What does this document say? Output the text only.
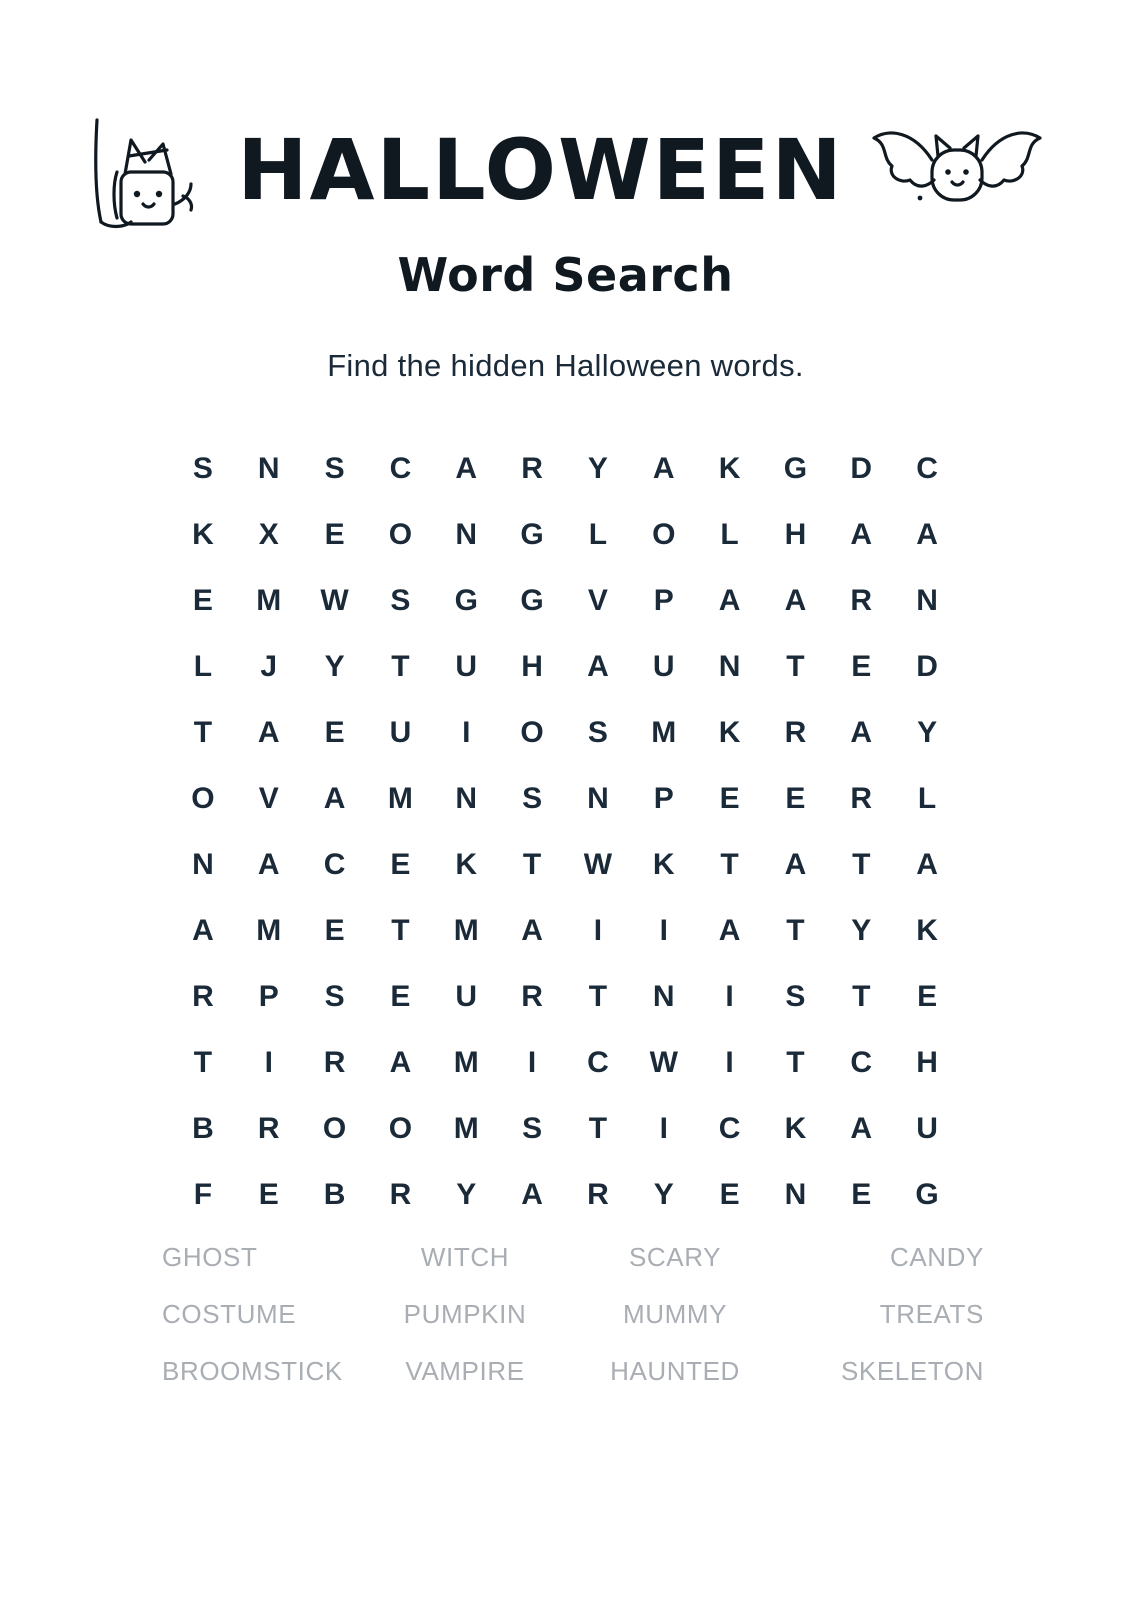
HALLOWEEN
Word Search
Find the hidden Halloween words.
S	N	S	C	A	R	Y	A	K	G	D	C
K	X	E	O	N	G	L	O	L	H	A	A
E	M	W	S	G	G	V	P	A	A	R	N
L	J	Y	T	U	H	A	U	N	T	E	D
T	A	E	U	I	O	S	M	K	R	A	Y
O	V	A	M	N	S	N	P	E	E	R	L
N	A	C	E	K	T	W	K	T	A	T	A
A	M	E	T	M	A	I	I	A	T	Y	K
R	P	S	E	U	R	T	N	I	S	T	E
T	I	R	A	M	I	C	W	I	T	C	H
B	R	O	O	M	S	T	I	C	K	A	U
F	E	B	R	Y	A	R	Y	E	N	E	G
GHOST	WITCH	SCARY	CANDY
COSTUME	PUMPKIN	MUMMY	TREATS
BROOMSTICK	VAMPIRE	HAUNTED	SKELETON
